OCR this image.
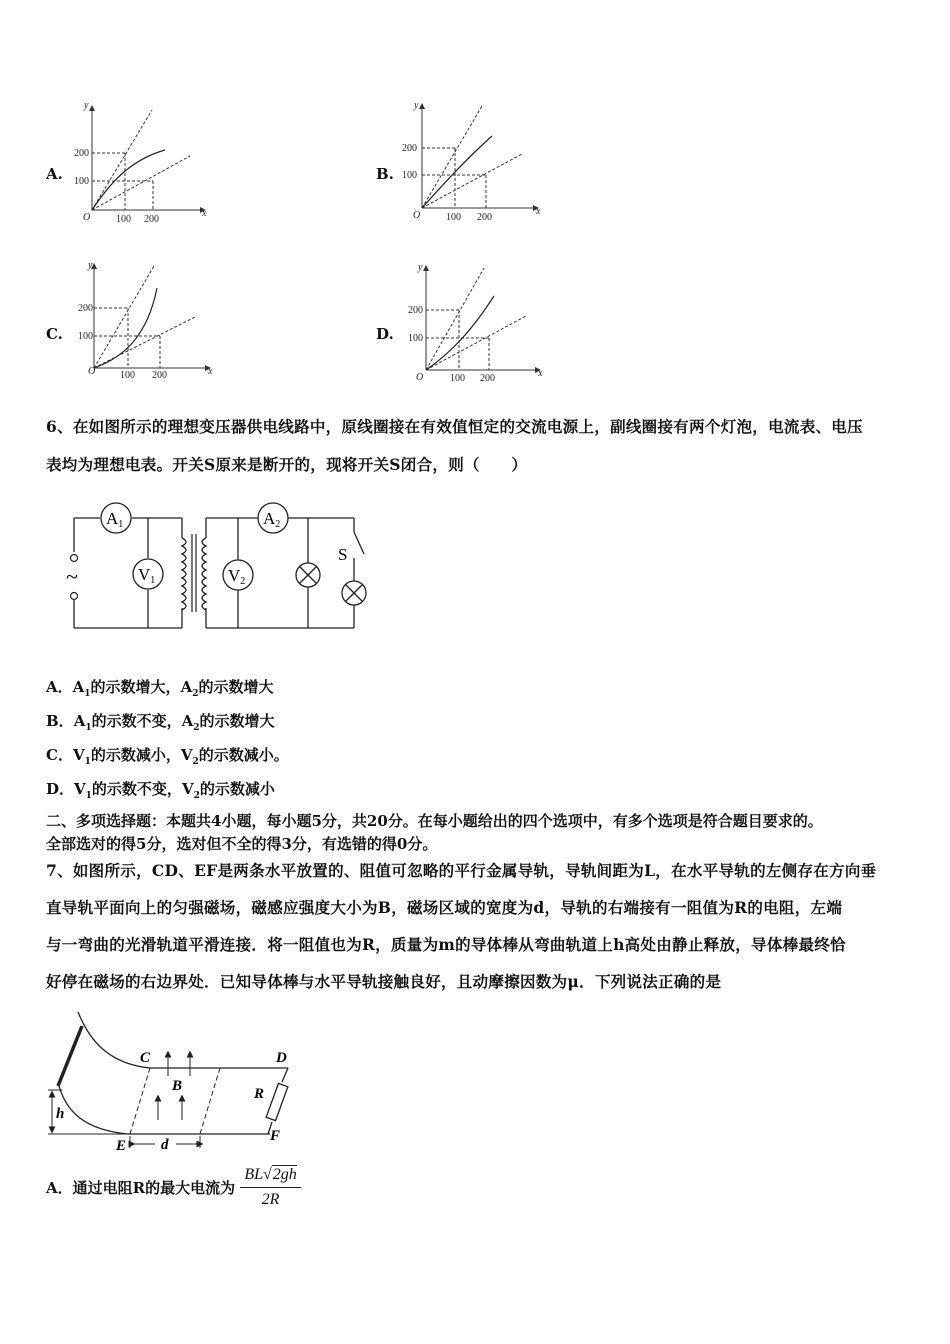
A.	B.
C.	D.
y
x
O
200
100
100 200
y
x
O
200
100
100 200
y
x
O
200
100
100 200
y
x
O
200
100
100 200
6、在如图所示的理想变压器供电线路中，原线圈接在有效值恒定的交流电源上，副线圈接有两个灯泡，电流表、电压
表均为理想电表。开关S原来是断开的，现将开关S闭合，则（　　）
~
A1
V1
A2
V2
S
A．$A_1$的示数增大，$A_2$的示数增大
B．$A_1$的示数不变，$A_2$的示数增大
C．$V_1$的示数减小，$V_2$的示数减小。
D．$V_1$的示数不变，$V_2$的示数减小
二、多项选择题：本题共4小题，每小题5分，共20分。在每小题给出的四个选项中，有多个选项是符合题目要求的。
全部选对的得5分，选对但不全的得3分，有选错的得0分。
7、如图所示，CD、EF是两条水平放置的、阻值可忽略的平行金属导轨，导轨间距为L，在水平导轨的左侧存在方向垂
直导轨平面向上的匀强磁场，磁感应强度大小为B，磁场区域的宽度为d，导轨的右端接有一阻值为R的电阻，左端
与一弯曲的光滑轨道平滑连接．将一阻值也为R，质量为m的导体棒从弯曲轨道上h高处由静止释放，导体棒最终恰
好停在磁场的右边界处．已知导体棒与水平导轨接触良好，且动摩擦因数为μ．下列说法正确的是
C	D
E
F
B	R
h
d
A．通过电阻R的最大电流为 $\frac{BL√2gh}{2R}$
